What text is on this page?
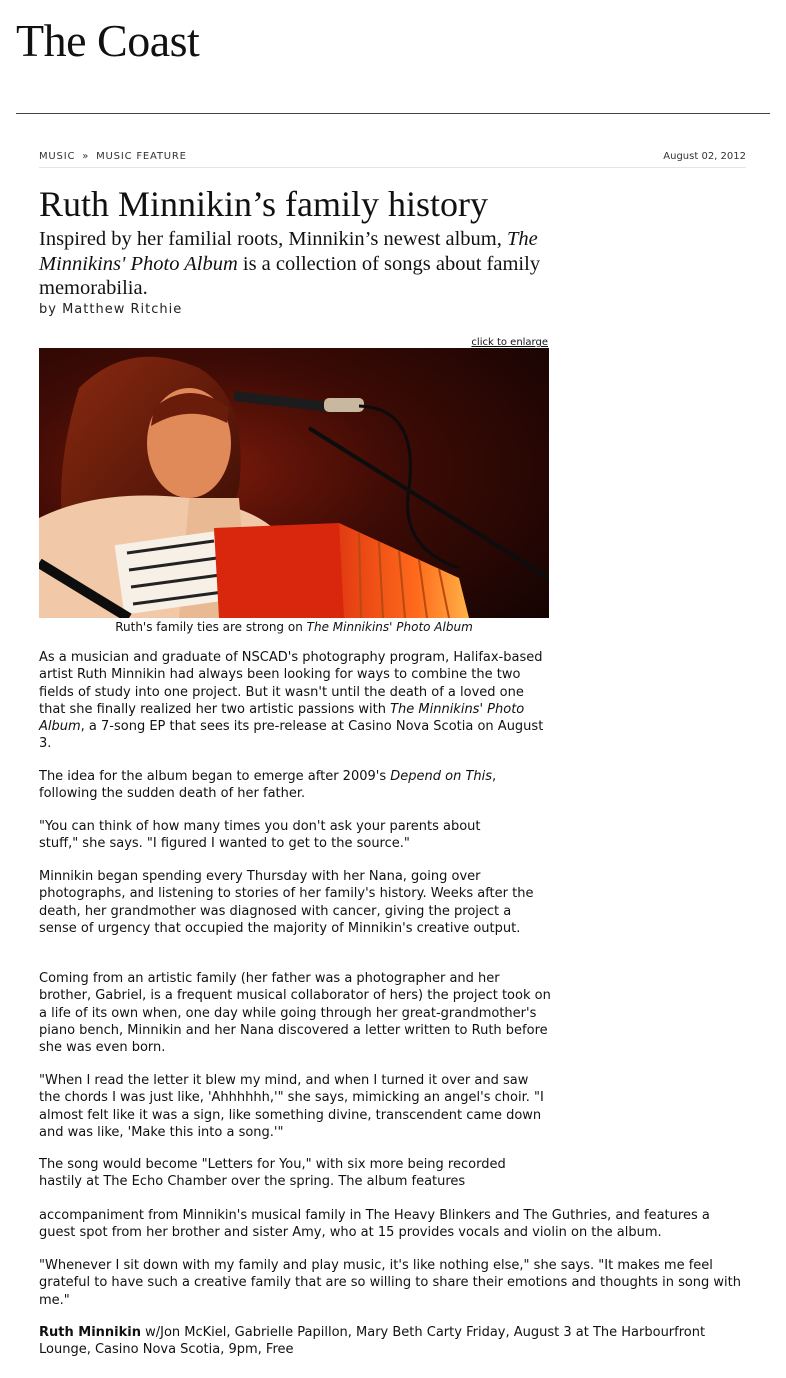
The Coast
MUSIC » MUSIC FEATURE	August 02, 2012
Ruth Minnikin’s family history

Inspired by her familial roots, Minnikin’s newest album, The Minnikins' Photo Album is a collection of songs about family memorabilia.

by Matthew Ritchie
click to enlarge
Ruth's family ties are strong on The Minnikins' Photo Album

As a musician and graduate of NSCAD's photography program, Halifax-based artist Ruth Minnikin had always been looking for ways to combine the two fields of study into one project. But it wasn't until the death of a loved one that she finally realized her two artistic passions with The Minnikins' Photo Album, a 7-song EP that sees its pre-release at Casino Nova Scotia on August 3.

The idea for the album began to emerge after 2009's Depend on This, following the sudden death of her father.

"You can think of how many times you don't ask your parents about stuff," she says. "I figured I wanted to get to the source."

Minnikin began spending every Thursday with her Nana, going over photographs, and listening to stories of her family's history. Weeks after the death, her grandmother was diagnosed with cancer, giving the project a sense of urgency that occupied the majority of Minnikin's creative output.

Coming from an artistic family (her father was a photographer and her brother, Gabriel, is a frequent musical collaborator of hers) the project took on a life of its own when, one day while going through her great-grandmother's piano bench, Minnikin and her Nana discovered a letter written to Ruth before she was even born.

"When I read the letter it blew my mind, and when I turned it over and saw the chords I was just like, 'Ahhhhhh,'" she says, mimicking an angel's choir. "I almost felt like it was a sign, like something divine, transcendent came down and was like, 'Make this into a song.'"

The song would become "Letters for You," with six more being recorded hastily at The Echo Chamber over the spring. The album features

accompaniment from Minnikin's musical family in The Heavy Blinkers and The Guthries, and features a guest spot from her brother and sister Amy, who at 15 provides vocals and violin on the album.

"Whenever I sit down with my family and play music, it's like nothing else," she says. "It makes me feel grateful to have such a creative family that are so willing to share their emotions and thoughts in song with me."

Ruth Minnikin w/Jon McKiel, Gabrielle Papillon, Mary Beth Carty Friday, August 3 at The Harbourfront Lounge, Casino Nova Scotia, 9pm, Free
